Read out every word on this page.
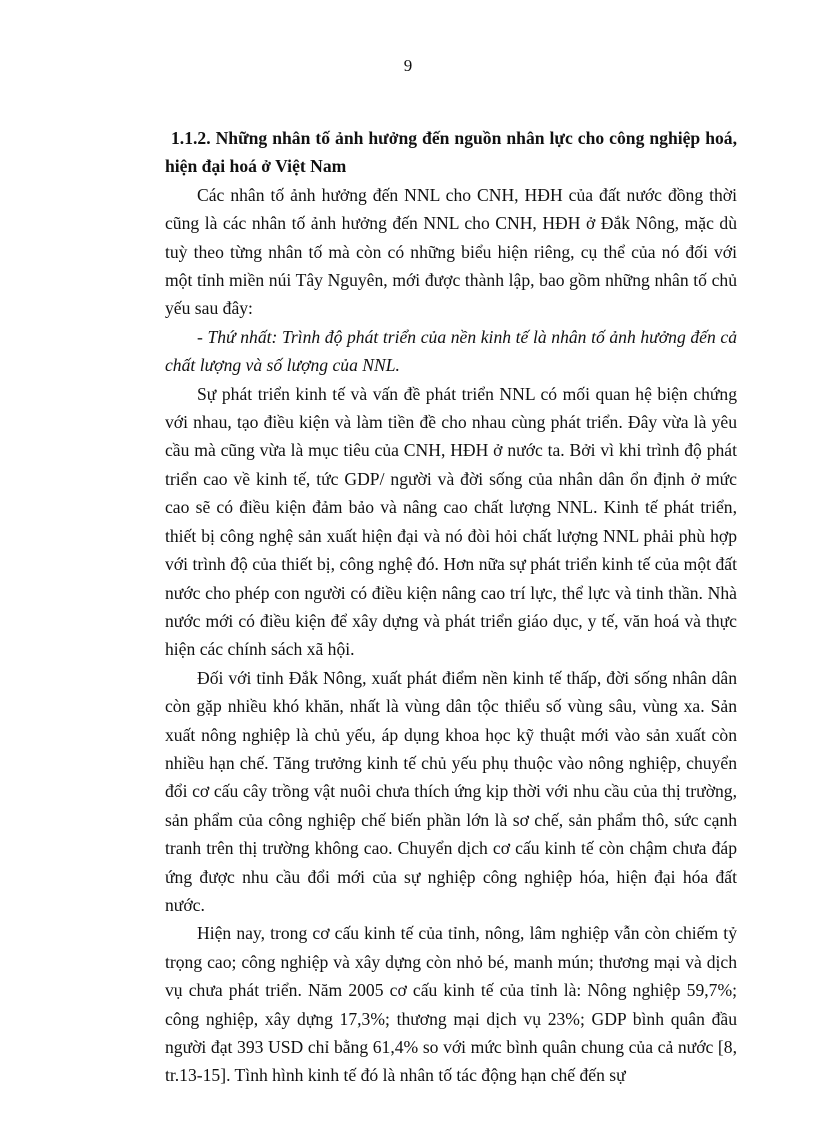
9

1.1.2. Những nhân tố ảnh hưởng đến nguồn nhân lực cho công nghiệp hoá, hiện đại hoá ở Việt Nam

Các nhân tố ảnh hưởng đến NNL cho CNH, HĐH của đất nước đồng thời cũng là các nhân tố ảnh hưởng đến NNL cho CNH, HĐH ở Đắk Nông, mặc dù tuỳ theo từng nhân tố mà còn có những biểu hiện riêng, cụ thể của nó đối với một tỉnh miền núi Tây Nguyên, mới được thành lập, bao gồm những nhân tố chủ yếu sau đây:

- Thứ nhất: Trình độ phát triển của nền kinh tế là nhân tố ảnh hưởng đến cả chất lượng và số lượng của NNL.

Sự phát triển kinh tế và vấn đề phát triển NNL có mối quan hệ biện chứng với nhau, tạo điều kiện và làm tiền đề cho nhau cùng phát triển. Đây vừa là yêu cầu mà cũng vừa là mục tiêu của CNH, HĐH ở nước ta. Bởi vì khi trình độ phát triển cao về kinh tế, tức GDP/ người và đời sống của nhân dân ổn định ở mức cao sẽ có điều kiện đảm bảo và nâng cao chất lượng NNL. Kinh tế phát triển, thiết bị công nghệ sản xuất hiện đại và nó đòi hỏi chất lượng NNL phải phù hợp với trình độ của thiết bị, công nghệ đó. Hơn nữa sự phát triển kinh tế của một đất nước cho phép con người có điều kiện nâng cao trí lực, thể lực và tinh thần. Nhà nước mới có điều kiện để xây dựng và phát triển giáo dục, y tế, văn hoá và thực hiện các chính sách xã hội.

Đối với tỉnh Đắk Nông, xuất phát điểm nền kinh tế thấp, đời sống nhân dân còn gặp nhiều khó khăn, nhất là vùng dân tộc thiểu số vùng sâu, vùng xa. Sản xuất nông nghiệp là chủ yếu, áp dụng khoa học kỹ thuật mới vào sản xuất còn nhiều hạn chế. Tăng trưởng kinh tế chủ yếu phụ thuộc vào nông nghiệp, chuyển đổi cơ cấu cây trồng vật nuôi chưa thích ứng kịp thời với nhu cầu của thị trường, sản phẩm của công nghiệp chế biến phần lớn là sơ chế, sản phẩm thô, sức cạnh tranh trên thị trường không cao. Chuyển dịch cơ cấu kinh tế còn chậm chưa đáp ứng được nhu cầu đổi mới của sự nghiệp công nghiệp hóa, hiện đại hóa đất nước.

Hiện nay, trong cơ cấu kinh tế của tỉnh, nông, lâm nghiệp vẫn còn chiếm tỷ trọng cao; công nghiệp và xây dựng còn nhỏ bé, manh mún; thương mại và dịch vụ chưa phát triển. Năm 2005 cơ cấu kinh tế của tỉnh là: Nông nghiệp 59,7%; công nghiệp, xây dựng 17,3%; thương mại dịch vụ 23%; GDP bình quân đầu người đạt 393 USD chỉ bằng 61,4% so với mức bình quân chung của cả nước [8, tr.13-15]. Tình hình kinh tế đó là nhân tố tác động hạn chế đến sự
